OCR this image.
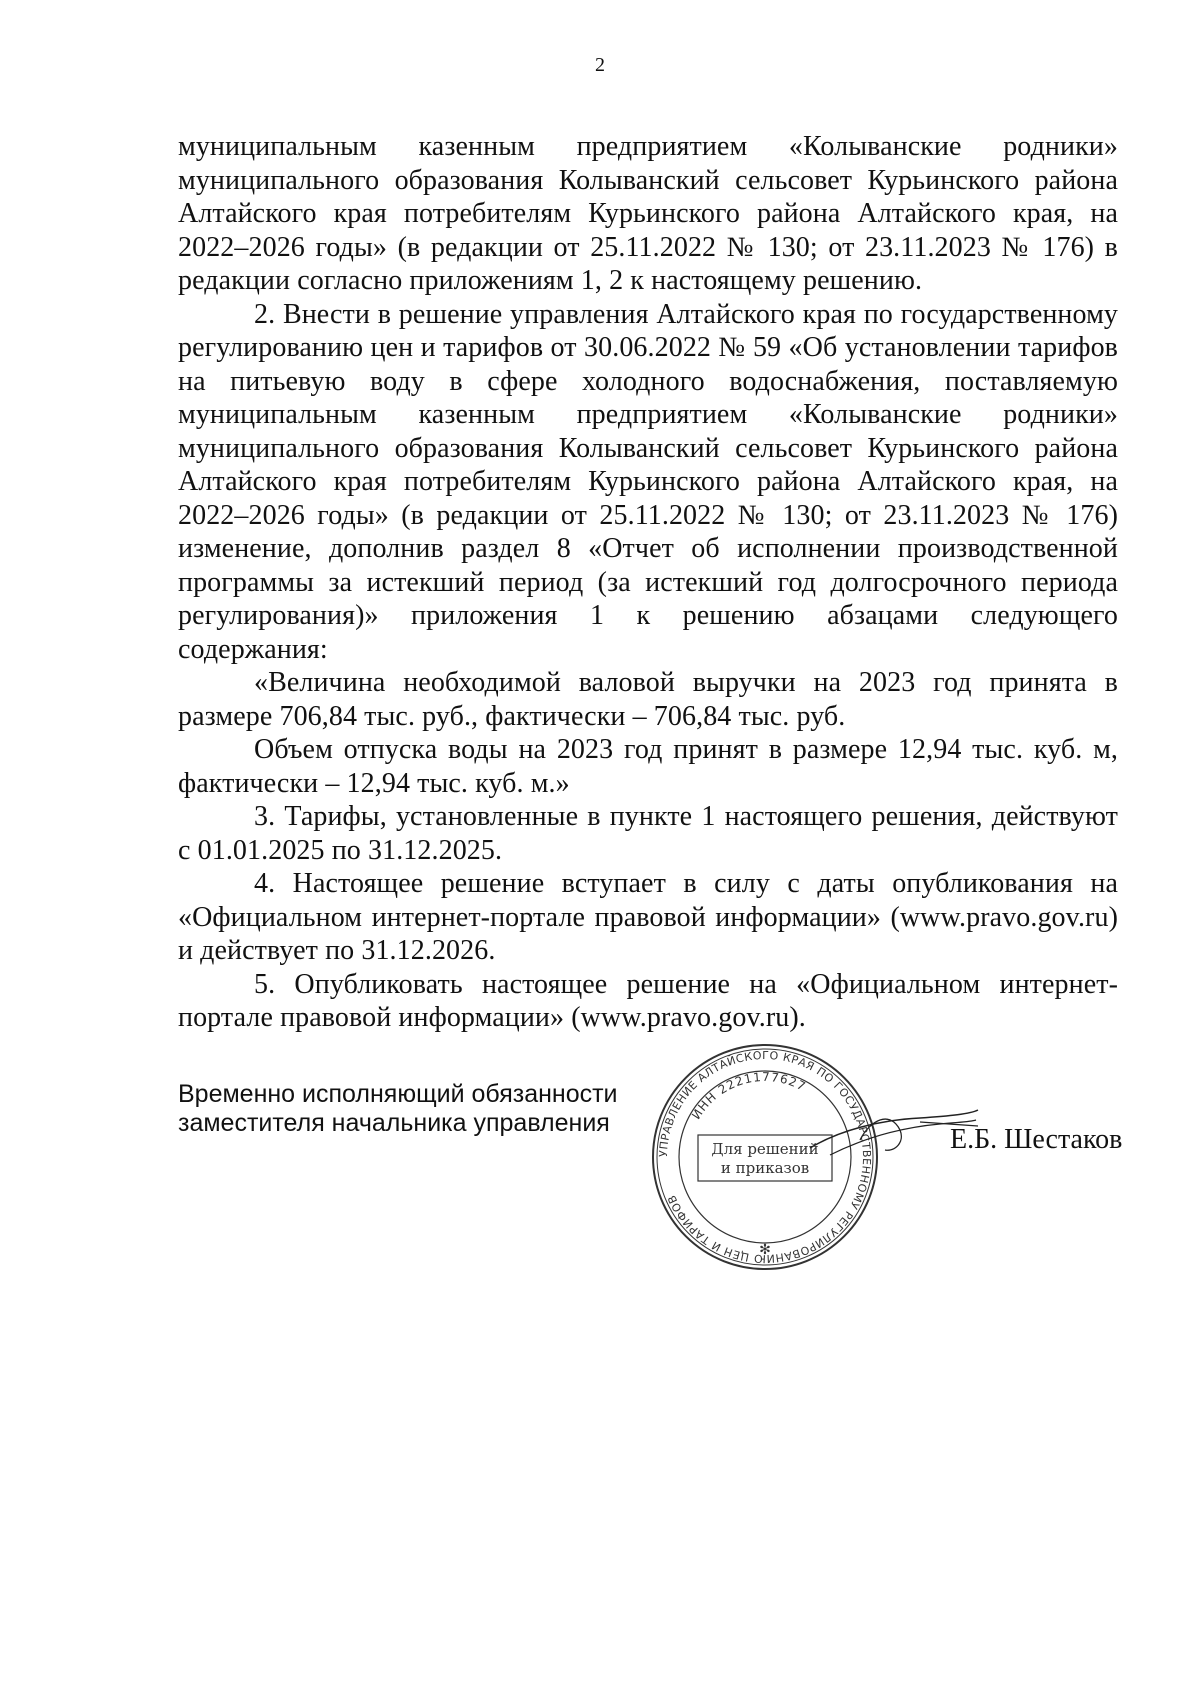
2

муниципальным казенным предприятием «Колыванские родники» муниципального образования Колыванский сельсовет Курьинского района Алтайского края потребителям Курьинского района Алтайского края, на 2022–2026 годы» (в редакции от 25.11.2022 № 130; от 23.11.2023 № 176) в редакции согласно приложениям 1, 2 к настоящему решению.

2. Внести в решение управления Алтайского края по государственному регулированию цен и тарифов от 30.06.2022 № 59 «Об установлении тарифов на питьевую воду в сфере холодного водоснабжения, поставляемую муниципальным казенным предприятием «Колыванские родники» муниципального образования Колыванский сельсовет Курьинского района Алтайского края потребителям Курьинского района Алтайского края, на 2022–2026 годы» (в редакции от 25.11.2022 № 130; от 23.11.2023 № 176) изменение, дополнив раздел 8 «Отчет об исполнении производственной программы за истекший период (за истекший год долгосрочного периода регулирования)» приложения 1 к решению абзацами следующего содержания:

«Величина необходимой валовой выручки на 2023 год принята в размере 706,84 тыс. руб., фактически – 706,84 тыс. руб.

Объем отпуска воды на 2023 год принят в размере 12,94 тыс. куб. м, фактически – 12,94 тыс. куб. м.»

3. Тарифы, установленные в пункте 1 настоящего решения, действуют с 01.01.2025 по 31.12.2025.

4. Настоящее решение вступает в силу с даты опубликования на «Официальном интернет-портале правовой информации» (www.pravo.gov.ru) и действует по 31.12.2026.

5. Опубликовать настоящее решение на «Официальном интернет-портале правовой информации» (www.pravo.gov.ru).

Временно исполняющий обязанности
заместителя начальника управления
УПРАВЛЕНИЕ АЛТАЙСКОГО КРАЯ ПО ГОСУДАРСТВЕННОМУ РЕГУЛИРОВАНИЮ ЦЕН И ТАРИФОВ
ИНН 2221177627
Для решений
и приказов
✻
Е.Б. Шестаков
